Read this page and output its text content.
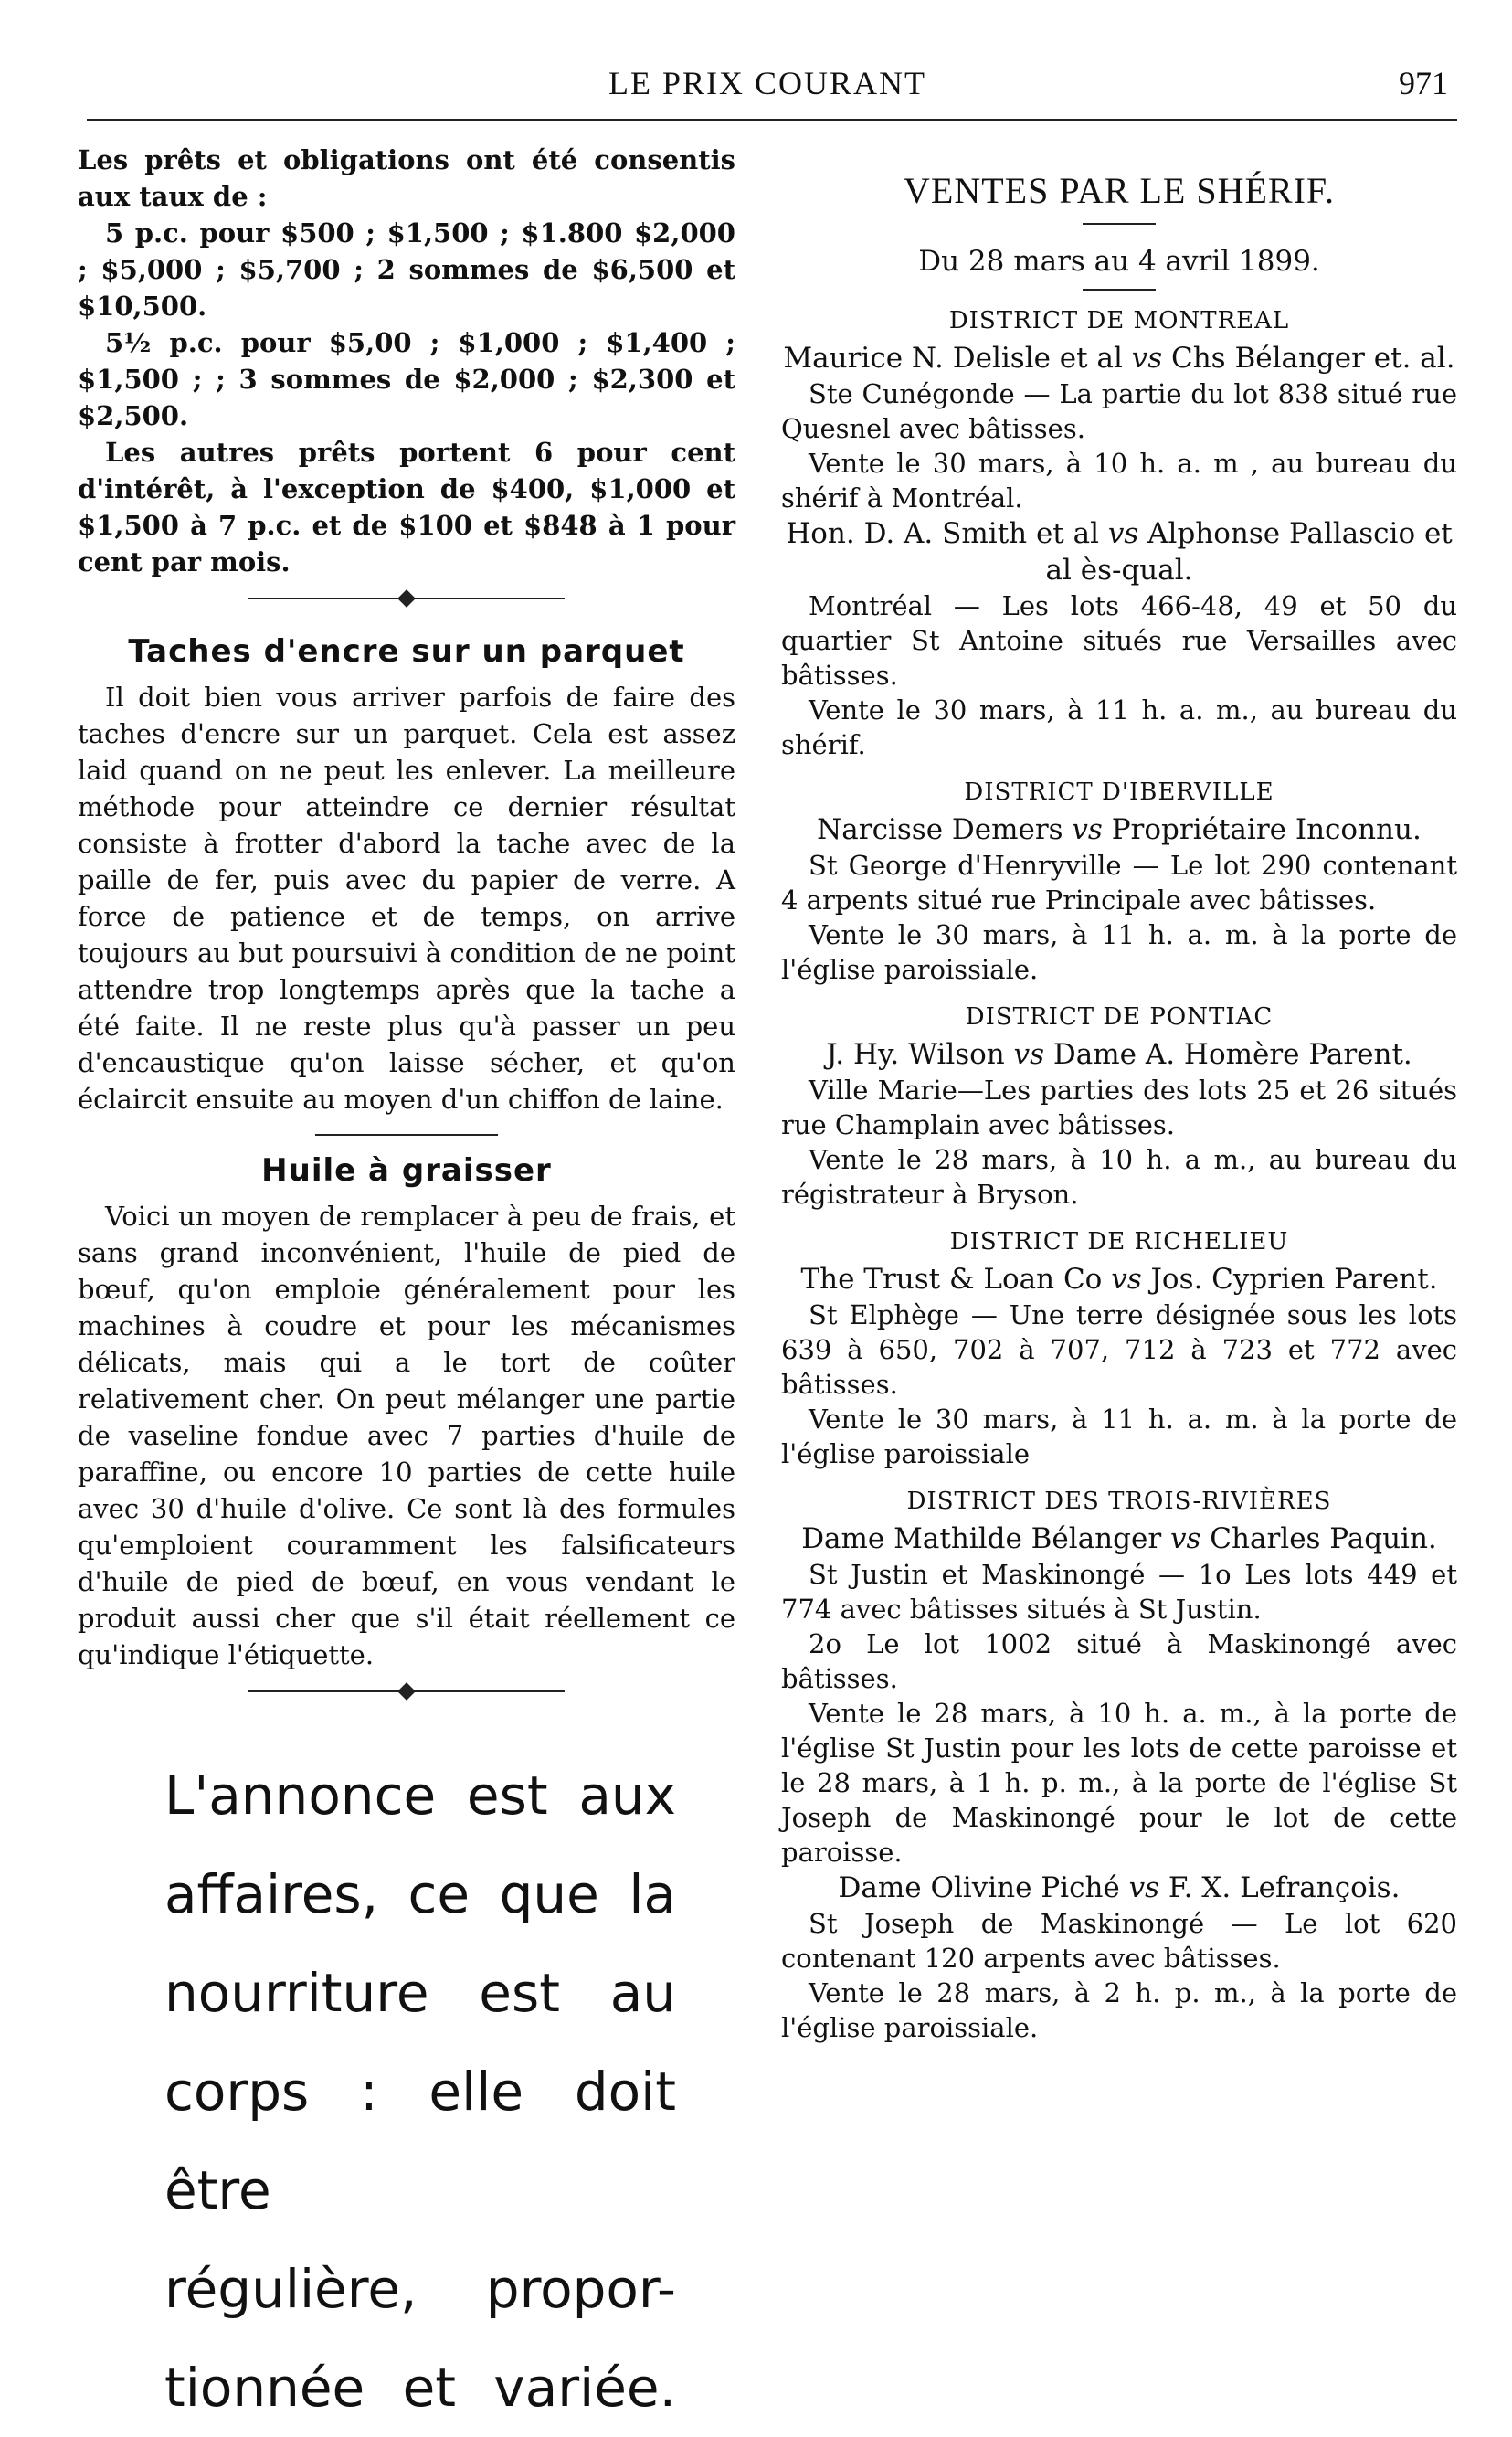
LE PRIX COURANT	971

Les prêts et obligations ont été consentis aux taux de :

5 p.c. pour $500 ; $1,500 ; $1.800 $2,000 ; $5,000 ; $5,700 ; 2 sommes de $6,500 et $10,500.

5½ p.c. pour $5,00 ; $1,000 ; $1,400 ; $1,500 ; ; 3 sommes de $2,000 ; $2,300 et $2,500.

Les autres prêts portent 6 pour cent d'intérêt, à l'exception de $400, $1,000 et $1,500 à 7 p.c. et de $100 et $848 à 1 pour cent par mois.

Taches d'encre sur un parquet

Il doit bien vous arriver parfois de faire des taches d'encre sur un parquet. Cela est assez laid quand on ne peut les enlever. La meilleure méthode pour atteindre ce dernier résultat consiste à frotter d'abord la tache avec de la paille de fer, puis avec du papier de verre. A force de patience et de temps, on arrive toujours au but poursuivi à condition de ne point attendre trop longtemps après que la tache a été faite. Il ne reste plus qu'à passer un peu d'encaustique qu'on laisse sécher, et qu'on éclaircit ensuite au moyen d'un chiffon de laine.

Huile à graisser

Voici un moyen de remplacer à peu de frais, et sans grand inconvénient, l'huile de pied de bœuf, qu'on emploie généralement pour les machines à coudre et pour les mécanismes délicats, mais qui a le tort de coûter relativement cher. On peut mélanger une partie de vaseline fondue avec 7 parties d'huile de paraffine, ou encore 10 parties de cette huile avec 30 d'huile d'olive. Ce sont là des formules qu'emploient couramment les falsificateurs d'huile de pied de bœuf, en vous vendant le produit aussi cher que s'il était réellement ce qu'indique l'étiquette.

L'annonce est aux
affaires, ce que la
nourriture est au
corps : elle doit être
régulière, propor-
tionnée et variée.
VENTES PAR LE SHÉRIF.
Du 28 mars au 4 avril 1899.
DISTRICT DE MONTREAL
Maurice N. Delisle et al vs Chs Bélanger et. al.

Ste Cunégonde — La partie du lot 838 situé rue Quesnel avec bâtisses.

Vente le 30 mars, à 10 h. a. m , au bureau du shérif à Montréal.

Hon. D. A. Smith et al vs Alphonse Pallascio et al ès-qual.

Montréal — Les lots 466-48, 49 et 50 du quartier St Antoine situés rue Versailles avec bâtisses.

Vente le 30 mars, à 11 h. a. m., au bureau du shérif.

DISTRICT D'IBERVILLE
Narcisse Demers vs Propriétaire Inconnu.

St George d'Henryville — Le lot 290 contenant 4 arpents situé rue Principale avec bâtisses.

Vente le 30 mars, à 11 h. a. m. à la porte de l'église paroissiale.

DISTRICT DE PONTIAC
J. Hy. Wilson vs Dame A. Homère Parent.

Ville Marie—Les parties des lots 25 et 26 situés rue Champlain avec bâtisses.

Vente le 28 mars, à 10 h. a m., au bureau du régistrateur à Bryson.

DISTRICT DE RICHELIEU
The Trust & Loan Co vs Jos. Cyprien Parent.

St Elphège — Une terre désignée sous les lots 639 à 650, 702 à 707, 712 à 723 et 772 avec bâtisses.

Vente le 30 mars, à 11 h. a. m. à la porte de l'église paroissiale

DISTRICT DES TROIS-RIVIÈRES
Dame Mathilde Bélanger vs Charles Paquin.

St Justin et Maskinongé — 1o Les lots 449 et 774 avec bâtisses situés à St Justin.

2o Le lot 1002 situé à Maskinongé avec bâtisses.

Vente le 28 mars, à 10 h. a. m., à la porte de l'église St Justin pour les lots de cette paroisse et le 28 mars, à 1 h. p. m., à la porte de l'église St Joseph de Maskinongé pour le lot de cette paroisse.

Dame Olivine Piché vs F. X. Lefrançois.

St Joseph de Maskinongé — Le lot 620 contenant 120 arpents avec bâtisses.

Vente le 28 mars, à 2 h. p. m., à la porte de l'église paroissiale.
